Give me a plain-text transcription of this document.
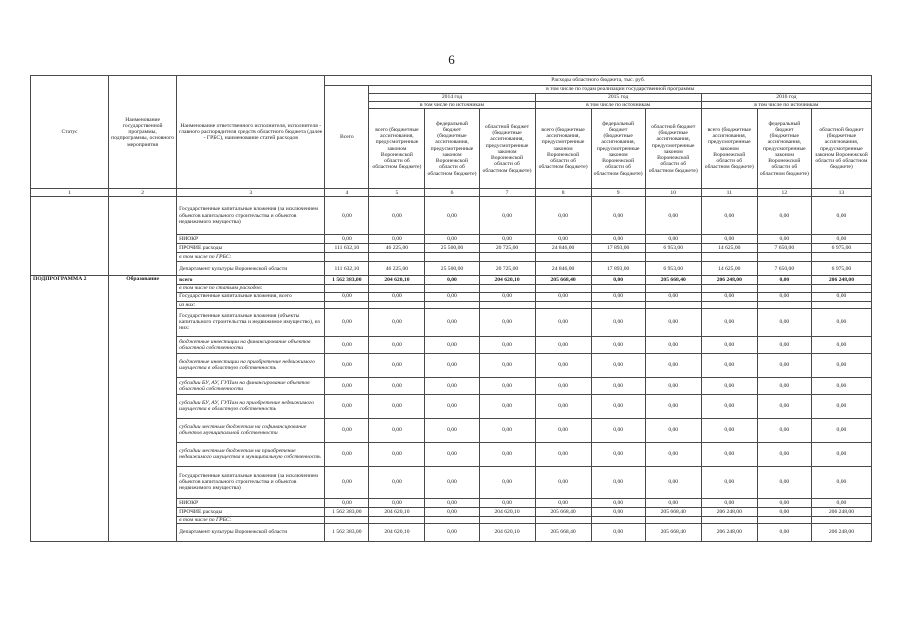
6
Статус	Наименование государственной программы, подпрограммы, основного мероприятия	Наименование ответственного исполнителя, исполнителя - главного распорядителя средств областного бюджета (далее - ГРБС), наименование статей расходов	Расходы областного бюджета, тыс. руб.									
			Всего	в том числе по годам реализации государственной программы								
				2014 год			2015 год			2016 год		
				в том числе по источникам			в том числе по источникам			в том числе по источникам		
				всего (бюджетные ассигнования, предусмотренные законом Воронежской области об областном бюджете)	федеральный бюджет (бюджетные ассигнования, предусмотренные законом Воронежской области об областном бюджете)	областной бюджет (бюджетные ассигнования, предусмотренные законом Воронежской области об областном бюджете)	всего (бюджетные ассигнования, предусмотренные законом Воронежской области об областном бюджете)	федеральный бюджет (бюджетные ассигнования, предусмотренные законом Воронежской области об областном бюджете)	областной бюджет (бюджетные ассигнования, предусмотренные законом Воронежской области об областном бюджете)	всего (бюджетные ассигнования, предусмотренные законом Воронежской области об областном бюджете)	федеральный бюджет (бюджетные ассигнования, предусмотренные законом Воронежской области об областном бюджете)	областной бюджет (бюджетные ассигнования, предусмотренные законом Воронежской области об областном бюджете)
1	2	3	4	5	6	7	8	9	10	11	12	13
		Государственные капитальные вложения (за исключением объектов капитального строительства и объектов недвижимого имущества)	0,00	0,00	0,00	0,00	0,00	0,00	0,00	0,00	0,00	0,00
		НИОКР	0,00	0,00	0,00	0,00	0,00	0,00	0,00	0,00	0,00	0,00
		ПРОЧИЕ расходы	111 632,10	46 225,00	25 500,00	20 725,00	24 846,00	17 893,00	6 953,00	14 625,00	7 650,00	6 975,00
		в том числе по ГРБС:										
		Департамент культуры Воронежской области	111 632,10	46 225,00	25 500,00	20 725,00	24 846,00	17 893,00	6 953,00	14 625,00	7 650,00	6 975,00
ПОДПРОГРАММА 2	Образование	всего	1 562 383,00	204 620,10	0,00	204 620,10	205 668,40	0,00	205 668,40	206 248,00	0,00	206 248,00
		в том числе по статьям расходов:										
		Государственные капитальные вложения, всего	0,00	0,00	0,00	0,00	0,00	0,00	0,00	0,00	0,00	0,00
		из них:										
		Государственные капитальные вложения (объекты капитального строительства и недвижимое имущество), из них:	0,00	0,00	0,00	0,00	0,00	0,00	0,00	0,00	0,00	0,00
		бюджетные инвестиции на финансирование объектов областной собственности	0,00	0,00	0,00	0,00	0,00	0,00	0,00	0,00	0,00	0,00
		бюджетные инвестиции на приобретение недвижимого имущества в областную собственность	0,00	0,00	0,00	0,00	0,00	0,00	0,00	0,00	0,00	0,00
		субсидии БУ, АУ, ГУПам на финансирование объектов областной собственности	0,00	0,00	0,00	0,00	0,00	0,00	0,00	0,00	0,00	0,00
		субсидии БУ, АУ, ГУПам на приобретение недвижимого имущества в областную собственность	0,00	0,00	0,00	0,00	0,00	0,00	0,00	0,00	0,00	0,00
		субсидии местным бюджетам на софинансирование объектов муниципальной собственности	0,00	0,00	0,00	0,00	0,00	0,00	0,00	0,00	0,00	0,00
		субсидии местным бюджетам на приобретение недвижимого имущества в муниципальную собственность	0,00	0,00	0,00	0,00	0,00	0,00	0,00	0,00	0,00	0,00
		Государственные капитальные вложения (за исключением объектов капитального строительства и объектов недвижимого имущества)	0,00	0,00	0,00	0,00	0,00	0,00	0,00	0,00	0,00	0,00
		НИОКР	0,00	0,00	0,00	0,00	0,00	0,00	0,00	0,00	0,00	0,00
		ПРОЧИЕ расходы	1 562 383,00	204 620,10	0,00	204 620,10	205 668,40	0,00	205 668,40	206 248,00	0,00	206 248,00
		в том числе по ГРБС:										
		Департамент культуры Воронежской области	1 562 383,00	204 620,10	0,00	204 620,10	205 668,40	0,00	205 668,40	206 248,00	0,00	206 248,00
